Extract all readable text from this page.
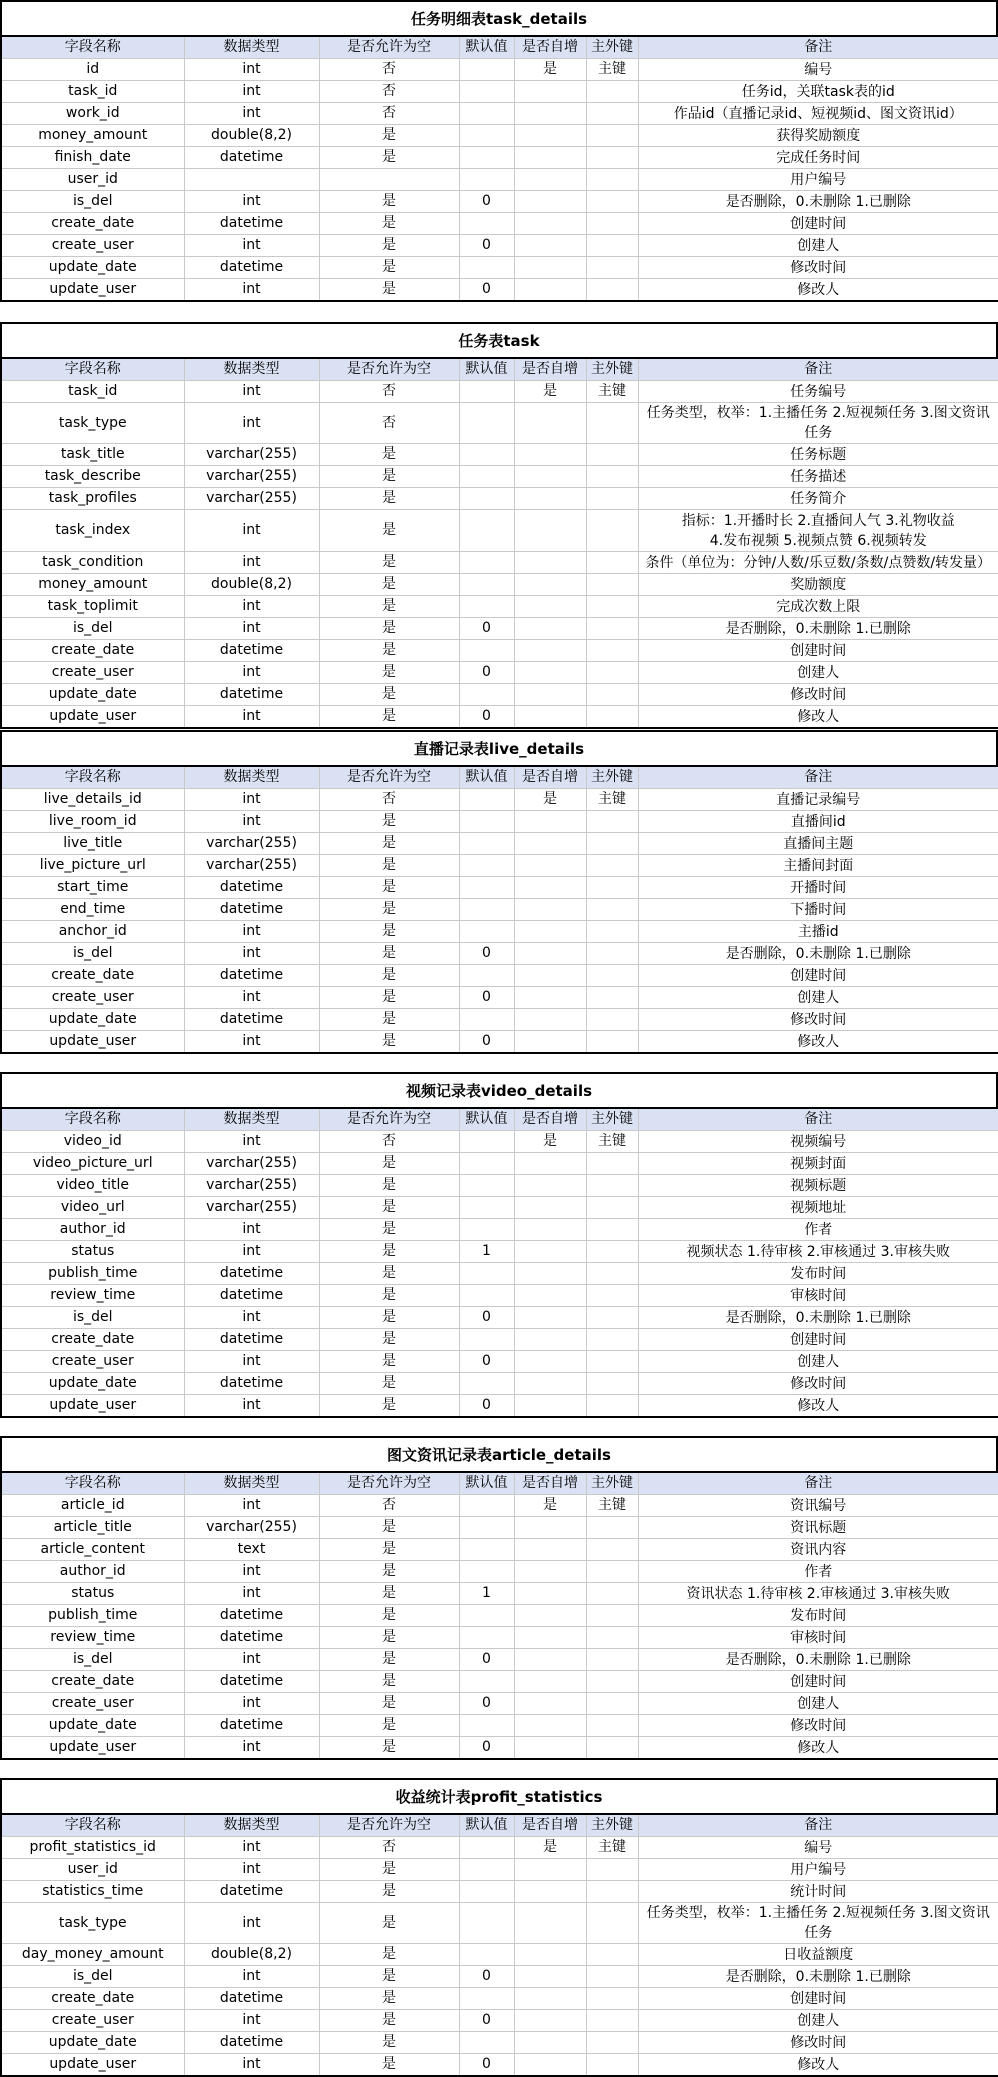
任务明细表task_details
字段名称	数据类型	是否允许为空	默认值	是否自增	主外键	备注
id	int	否		是	主键	编号
task_id	int	否				任务id，关联task表的id
work_id	int	否				作品id（直播记录id、短视频id、图文资讯id）
money_amount	double(8,2)	是				获得奖励额度
finish_date	datetime	是				完成任务时间
user_id						用户编号
is_del	int	是	0			是否删除，0.未删除 1.已删除
create_date	datetime	是				创建时间
create_user	int	是	0			创建人
update_date	datetime	是				修改时间
update_user	int	是	0			修改人
任务表task
字段名称	数据类型	是否允许为空	默认值	是否自增	主外键	备注
task_id	int	否		是	主键	任务编号
task_type	int	否				任务类型，枚举：1.主播任务 2.短视频任务 3.图文资讯任务
task_title	varchar(255)	是				任务标题
task_describe	varchar(255)	是				任务描述
task_profiles	varchar(255)	是				任务简介
task_index	int	是				指标：1.开播时长 2.直播间人气 3.礼物收益
4.发布视频 5.视频点赞 6.视频转发
task_condition	int	是				条件（单位为：分钟/人数/乐豆数/条数/点赞数/转发量）
money_amount	double(8,2)	是				奖励额度
task_toplimit	int	是				完成次数上限
is_del	int	是	0			是否删除，0.未删除 1.已删除
create_date	datetime	是				创建时间
create_user	int	是	0			创建人
update_date	datetime	是				修改时间
update_user	int	是	0			修改人
直播记录表live_details
字段名称	数据类型	是否允许为空	默认值	是否自增	主外键	备注
live_details_id	int	否		是	主键	直播记录编号
live_room_id	int	是				直播间id
live_title	varchar(255)	是				直播间主题
live_picture_url	varchar(255)	是				主播间封面
start_time	datetime	是				开播时间
end_time	datetime	是				下播时间
anchor_id	int	是				主播id
is_del	int	是	0			是否删除，0.未删除 1.已删除
create_date	datetime	是				创建时间
create_user	int	是	0			创建人
update_date	datetime	是				修改时间
update_user	int	是	0			修改人
视频记录表video_details
字段名称	数据类型	是否允许为空	默认值	是否自增	主外键	备注
video_id	int	否		是	主键	视频编号
video_picture_url	varchar(255)	是				视频封面
video_title	varchar(255)	是				视频标题
video_url	varchar(255)	是				视频地址
author_id	int	是				作者
status	int	是	1			视频状态 1.待审核 2.审核通过 3.审核失败
publish_time	datetime	是				发布时间
review_time	datetime	是				审核时间
is_del	int	是	0			是否删除，0.未删除 1.已删除
create_date	datetime	是				创建时间
create_user	int	是	0			创建人
update_date	datetime	是				修改时间
update_user	int	是	0			修改人
图文资讯记录表article_details
字段名称	数据类型	是否允许为空	默认值	是否自增	主外键	备注
article_id	int	否		是	主键	资讯编号
article_title	varchar(255)	是				资讯标题
article_content	text	是				资讯内容
author_id	int	是				作者
status	int	是	1			资讯状态 1.待审核 2.审核通过 3.审核失败
publish_time	datetime	是				发布时间
review_time	datetime	是				审核时间
is_del	int	是	0			是否删除，0.未删除 1.已删除
create_date	datetime	是				创建时间
create_user	int	是	0			创建人
update_date	datetime	是				修改时间
update_user	int	是	0			修改人
收益统计表profit_statistics
字段名称	数据类型	是否允许为空	默认值	是否自增	主外键	备注
profit_statistics_id	int	否		是	主键	编号
user_id	int	是				用户编号
statistics_time	datetime	是				统计时间
task_type	int	是				任务类型，枚举：1.主播任务 2.短视频任务 3.图文资讯任务
day_money_amount	double(8,2)	是				日收益额度
is_del	int	是	0			是否删除，0.未删除 1.已删除
create_date	datetime	是				创建时间
create_user	int	是	0			创建人
update_date	datetime	是				修改时间
update_user	int	是	0			修改人
